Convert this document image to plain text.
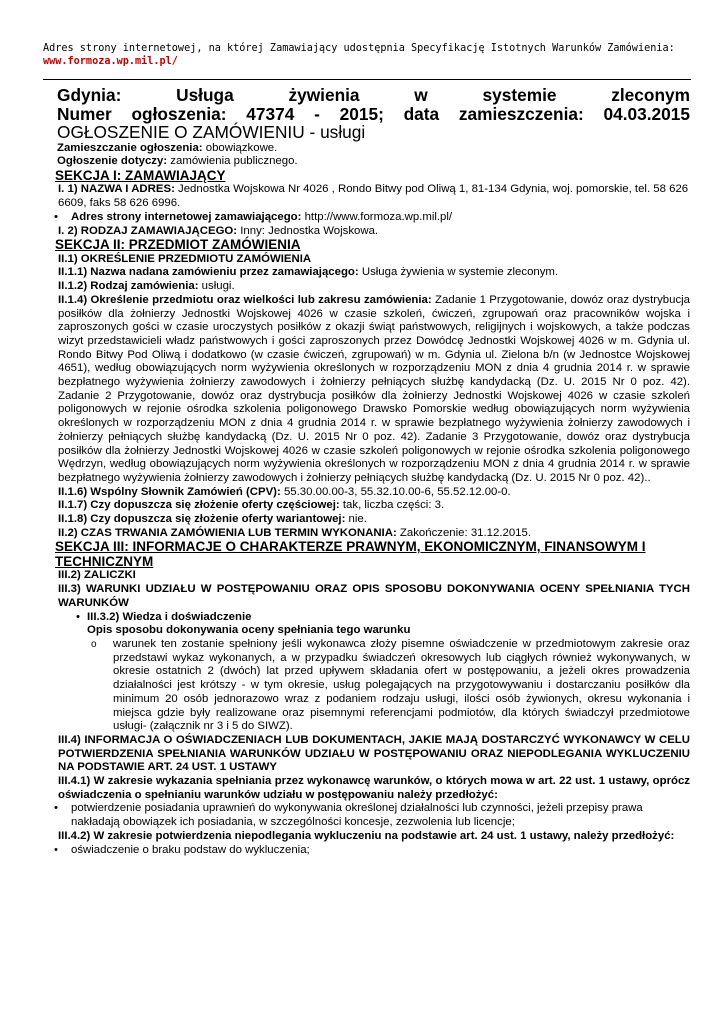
Adres strony internetowej, na której Zamawiający udostępnia Specyfikację Istotnych Warunków Zamówienia:
www.formoza.wp.mil.pl/

Gdynia: Usługa żywienia w systemie zleconym

Numer ogłoszenia: 47374 - 2015; data zamieszczenia: 04.03.2015

OGŁOSZENIE O ZAMÓWIENIU - usługi

Zamieszczanie ogłoszenia: obowiązkowe.

Ogłoszenie dotyczy: zamówienia publicznego.

SEKCJA I: ZAMAWIAJĄCY

I. 1) NAZWA I ADRES: Jednostka Wojskowa Nr 4026 , Rondo Bitwy pod Oliwą 1, 81-134 Gdynia, woj. pomorskie, tel. 58 626 6609, faks 58 626 6996.

• Adres strony internetowej zamawiającego: http://www.formoza.wp.mil.pl/

I. 2) RODZAJ ZAMAWIAJĄCEGO: Inny: Jednostka Wojskowa.

SEKCJA II: PRZEDMIOT ZAMÓWIENIA

II.1) OKREŚLENIE PRZEDMIOTU ZAMÓWIENIA

II.1.1) Nazwa nadana zamówieniu przez zamawiającego: Usługa żywienia w systemie zleconym.

II.1.2) Rodzaj zamówienia: usługi.

II.1.4) Określenie przedmiotu oraz wielkości lub zakresu zamówienia: Zadanie 1 Przygotowanie, dowóz oraz dystrybucja posiłków dla żołnierzy Jednostki Wojskowej 4026 w czasie szkoleń, ćwiczeń, zgrupowań oraz pracowników wojska i zaproszonych gości w czasie uroczystych posiłków z okazji świąt państwowych, religijnych i wojskowych, a także podczas wizyt przedstawicieli władz państwowych i gości zaproszonych przez Dowódcę Jednostki Wojskowej 4026 w m. Gdynia ul. Rondo Bitwy Pod Oliwą i dodatkowo (w czasie ćwiczeń, zgrupowań) w m. Gdynia ul. Zielona b/n (w Jednostce Wojskowej 4651), według obowiązujących norm wyżywienia określonych w rozporządzeniu MON z dnia 4 grudnia 2014 r. w sprawie bezpłatnego wyżywienia żołnierzy zawodowych i żołnierzy pełniących służbę kandydacką (Dz. U. 2015 Nr 0 poz. 42). Zadanie 2 Przygotowanie, dowóz oraz dystrybucja posiłków dla żołnierzy Jednostki Wojskowej 4026 w czasie szkoleń poligonowych w rejonie ośrodka szkolenia poligonowego Drawsko Pomorskie według obowiązujących norm wyżywienia określonych w rozporządzeniu MON z dnia 4 grudnia 2014 r. w sprawie bezpłatnego wyżywienia żołnierzy zawodowych i żołnierzy pełniących służbę kandydacką (Dz. U. 2015 Nr 0 poz. 42). Zadanie 3 Przygotowanie, dowóz oraz dystrybucja posiłków dla żołnierzy Jednostki Wojskowej 4026 w czasie szkoleń poligonowych w rejonie ośrodka szkolenia poligonowego Wędrzyn, według obowiązujących norm wyżywienia określonych w rozporządzeniu MON z dnia 4 grudnia 2014 r. w sprawie bezpłatnego wyżywienia żołnierzy zawodowych i żołnierzy pełniących służbę kandydacką (Dz. U. 2015 Nr 0 poz. 42)..

II.1.6) Wspólny Słownik Zamówień (CPV): 55.30.00.00-3, 55.32.10.00-6, 55.52.12.00-0.

II.1.7) Czy dopuszcza się złożenie oferty częściowej: tak, liczba części: 3.

II.1.8) Czy dopuszcza się złożenie oferty wariantowej: nie.

II.2) CZAS TRWANIA ZAMÓWIENIA LUB TERMIN WYKONANIA: Zakończenie: 31.12.2015.

SEKCJA III: INFORMACJE O CHARAKTERZE PRAWNYM, EKONOMICZNYM, FINANSOWYM I TECHNICZNYM

III.2) ZALICZKI

III.3) WARUNKI UDZIAŁU W POSTĘPOWANIU ORAZ OPIS SPOSOBU DOKONYWANIA OCENY SPEŁNIANIA TYCH WARUNKÓW

• III.3.2) Wiedza i doświadczenie

Opis sposobu dokonywania oceny spełniania tego warunku

o warunek ten zostanie spełniony jeśli wykonawca złoży pisemne oświadczenie w przedmiotowym zakresie oraz przedstawi wykaz wykonanych, a w przypadku świadczeń okresowych lub ciągłych również wykonywanych, w okresie ostatnich 2 (dwóch) lat przed upływem składania ofert w postępowaniu, a jeżeli okres prowadzenia działalności jest krótszy - w tym okresie, usług polegających na przygotowywaniu i dostarczaniu posiłków dla minimum 20 osób jednorazowo wraz z podaniem rodzaju usługi, ilości osób żywionych, okresu wykonania i miejsca gdzie były realizowane oraz pisemnymi referencjami podmiotów, dla których świadczył przedmiotowe usługi- (załącznik nr 3 i 5 do SIWZ).

III.4) INFORMACJA O OŚWIADCZENIACH LUB DOKUMENTACH, JAKIE MAJĄ DOSTARCZYĆ WYKONAWCY W CELU POTWIERDZENIA SPEŁNIANIA WARUNKÓW UDZIAŁU W POSTĘPOWANIU ORAZ NIEPODLEGANIA WYKLUCZENIU NA PODSTAWIE ART. 24 UST. 1 USTAWY

III.4.1) W zakresie wykazania spełniania przez wykonawcę warunków, o których mowa w art. 22 ust. 1 ustawy, oprócz oświadczenia o spełnianiu warunków udziału w postępowaniu należy przedłożyć:

• potwierdzenie posiadania uprawnień do wykonywania określonej działalności lub czynności, jeżeli przepisy prawa nakładają obowiązek ich posiadania, w szczególności koncesje, zezwolenia lub licencje;

III.4.2) W zakresie potwierdzenia niepodlegania wykluczeniu na podstawie art. 24 ust. 1 ustawy, należy przedłożyć:

• oświadczenie o braku podstaw do wykluczenia;
